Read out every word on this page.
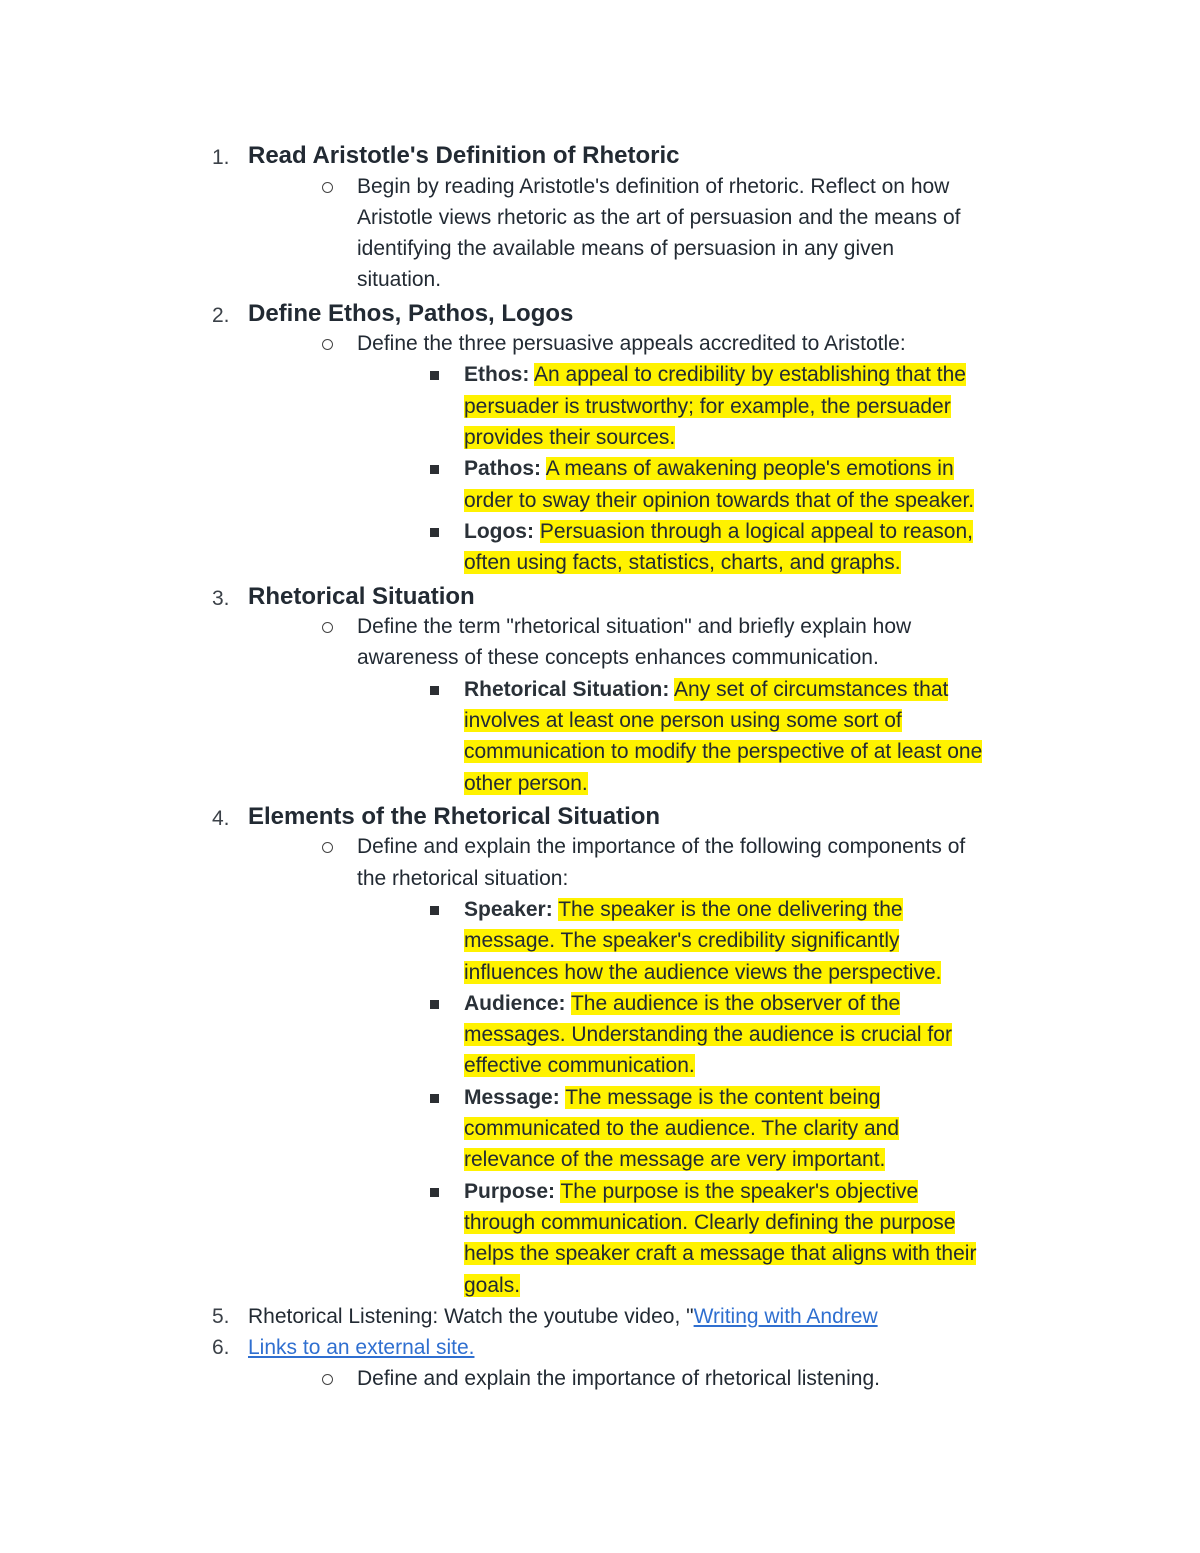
1. Read Aristotle's Definition of Rhetoric
Begin by reading Aristotle's definition of rhetoric. Reflect on how
Aristotle views rhetoric as the art of persuasion and the means of
identifying the available means of persuasion in any given
situation.
2. Define Ethos, Pathos, Logos
Define the three persuasive appeals accredited to Aristotle:
Ethos: An appeal to credibility by establishing that the
persuader is trustworthy; for example, the persuader
provides their sources.
Pathos: A means of awakening people's emotions in
order to sway their opinion towards that of the speaker.
Logos: Persuasion through a logical appeal to reason,
often using facts, statistics, charts, and graphs.
3. Rhetorical Situation
Define the term "rhetorical situation" and briefly explain how
awareness of these concepts enhances communication.
Rhetorical Situation: Any set of circumstances that
involves at least one person using some sort of
communication to modify the perspective of at least one
other person.
4. Elements of the Rhetorical Situation
Define and explain the importance of the following components of
the rhetorical situation:
Speaker: The speaker is the one delivering the
message. The speaker's credibility significantly
influences how the audience views the perspective.
Audience: The audience is the observer of the
messages. Understanding the audience is crucial for
effective communication.
Message: The message is the content being
communicated to the audience. The clarity and
relevance of the message are very important.
Purpose: The purpose is the speaker's objective
through communication. Clearly defining the purpose
helps the speaker craft a message that aligns with their
goals.
5. Rhetorical Listening: Watch the youtube video, "Writing with Andrew
6. Links to an external site.
Define and explain the importance of rhetorical listening.
